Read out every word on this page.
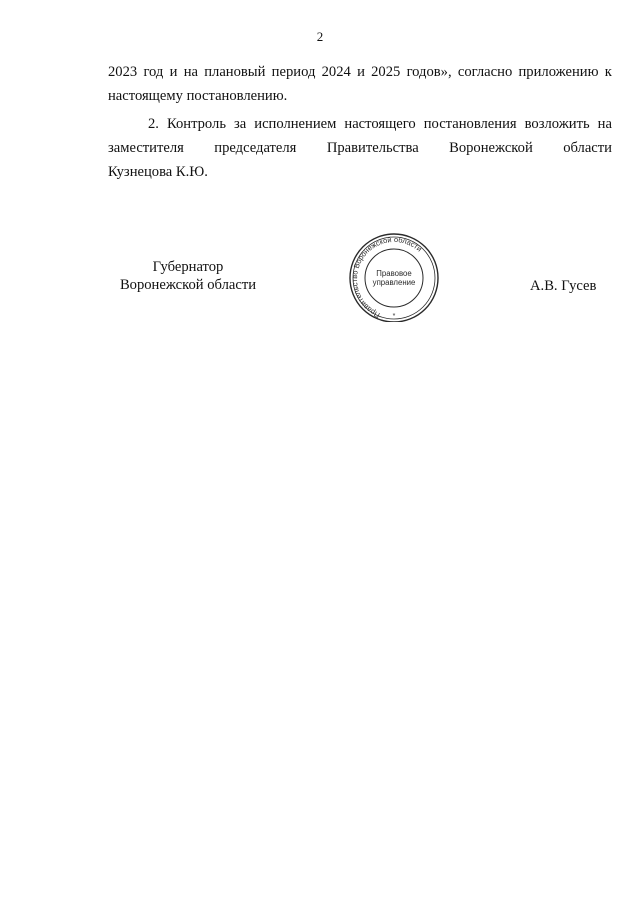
2
2023 год и на плановый период 2024 и 2025 годов», согласно приложению к
настоящему постановлению.
2. Контроль за исполнением настоящего постановления возложить на
заместителя председателя Правительства Воронежской области
Кузнецова К.Ю.
Губернатор
Воронежской области
Правительство Воронежской области
Правовое
управление
*
А.В. Гусев
